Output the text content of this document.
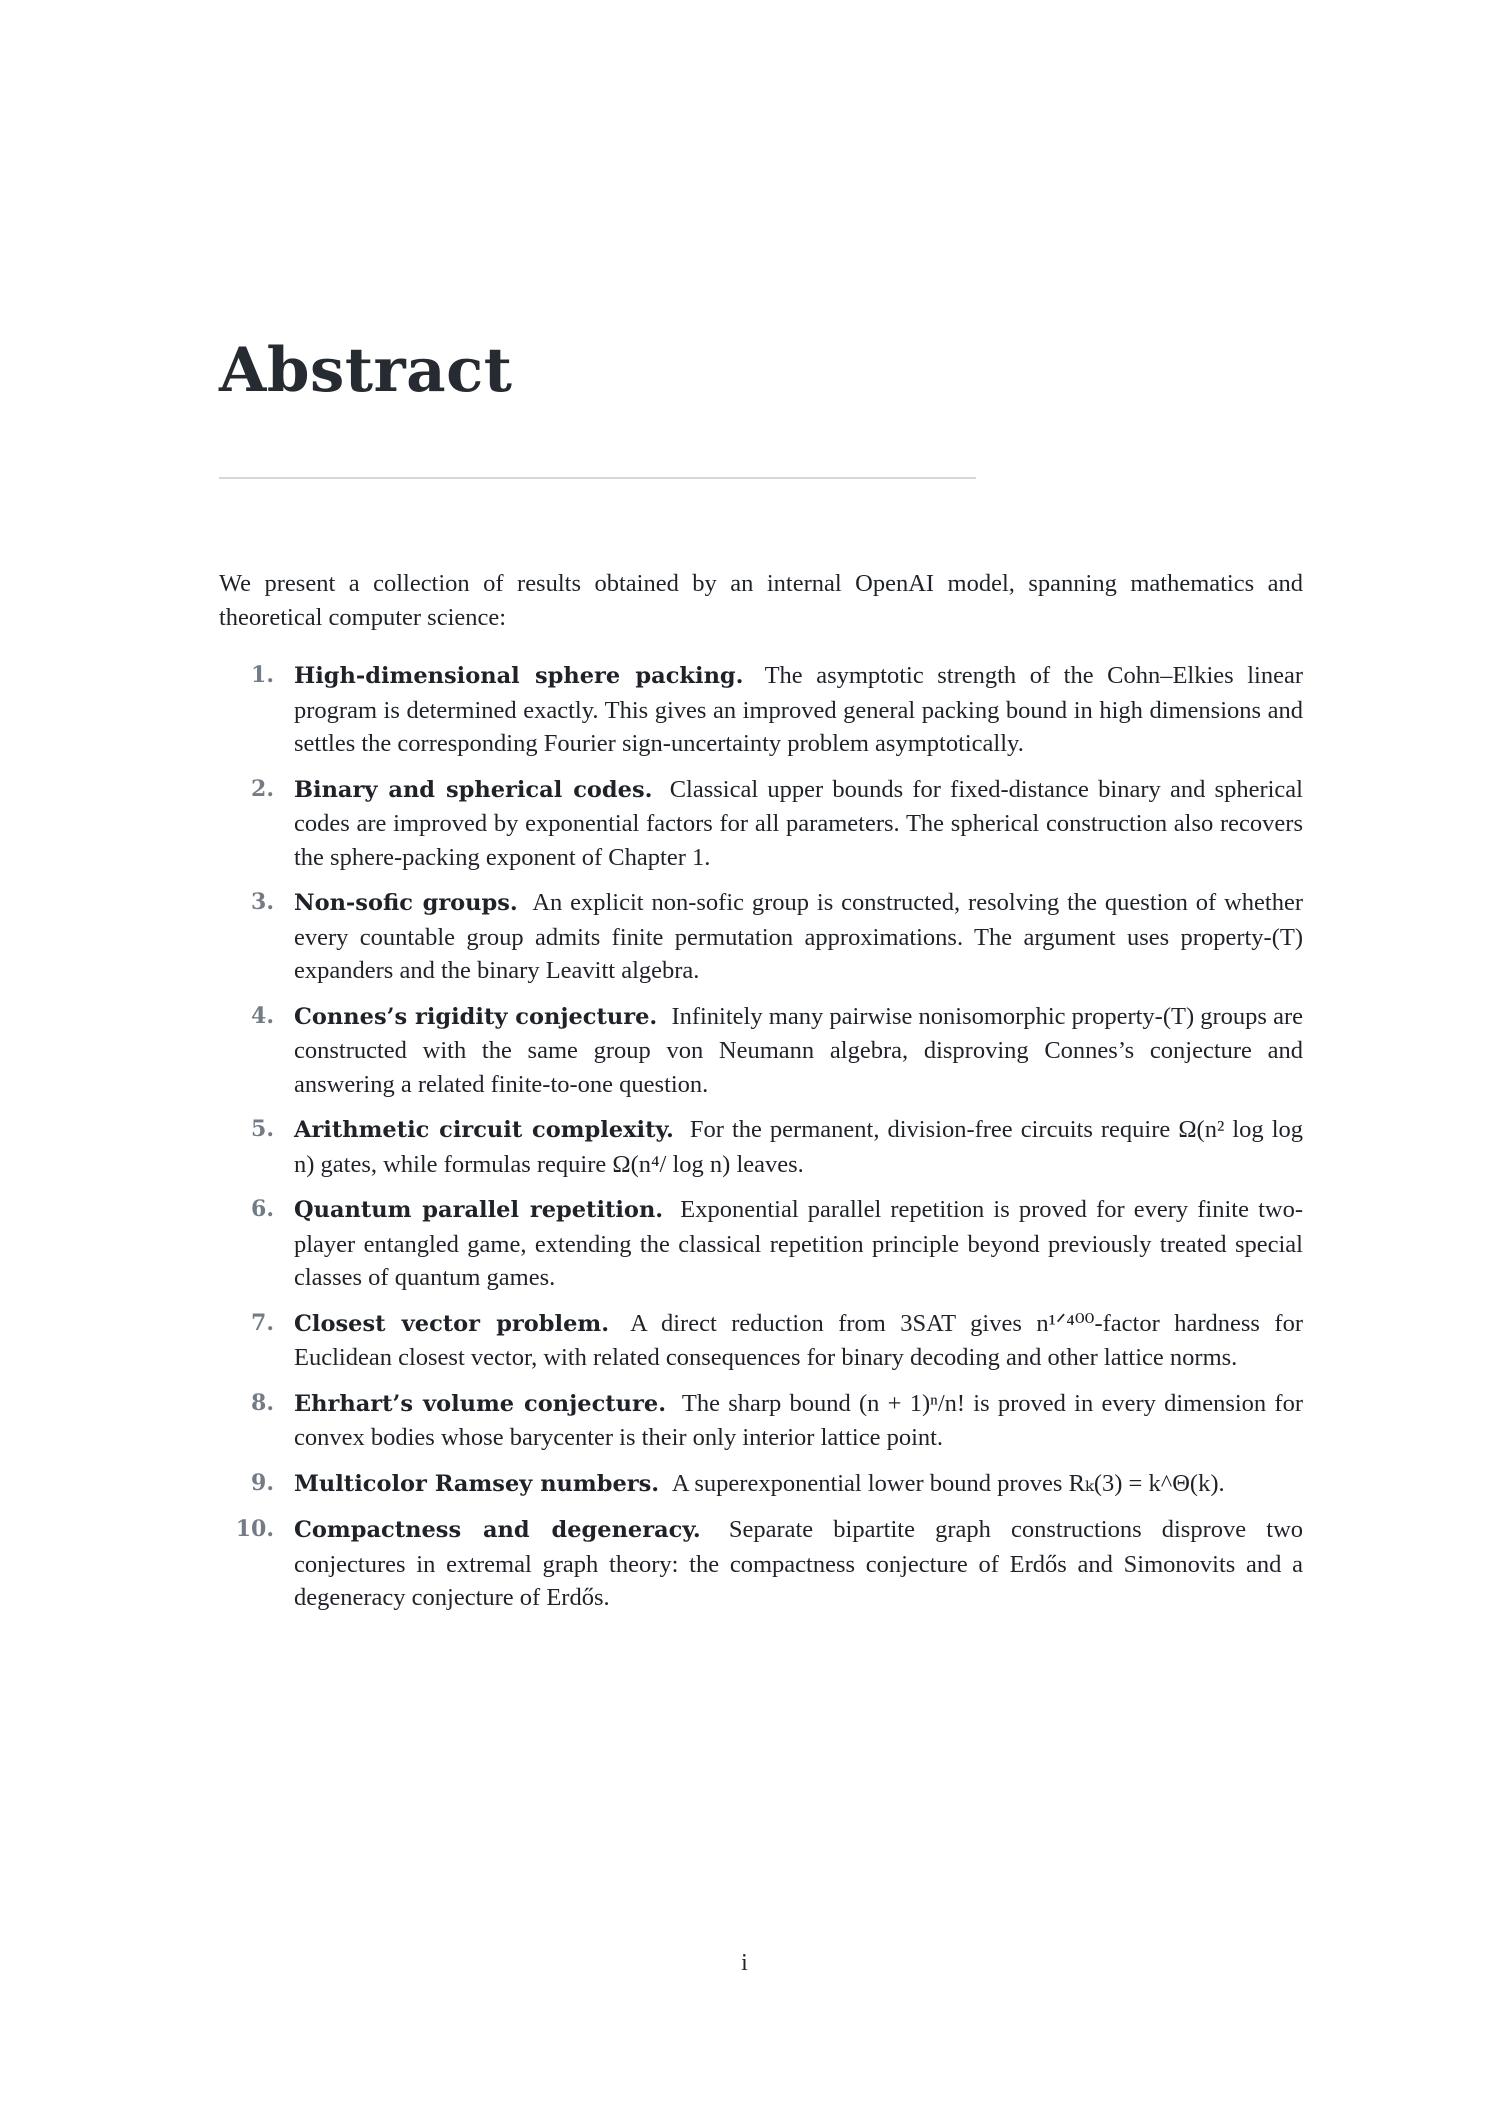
Abstract

We present a collection of results obtained by an internal OpenAI model, spanning mathematics and theoretical computer science:

1. High-dimensional sphere packing. The asymptotic strength of the Cohn–Elkies linear program is determined exactly. This gives an improved general packing bound in high dimensions and settles the corresponding Fourier sign-uncertainty problem asymptotically.
2. Binary and spherical codes. Classical upper bounds for fixed-distance binary and spherical codes are improved by exponential factors for all parameters. The spherical construction also recovers the sphere-packing exponent of Chapter 1.
3. Non-sofic groups. An explicit non-sofic group is constructed, resolving the question of whether every countable group admits finite permutation approximations. The argument uses property-(T) expanders and the binary Leavitt algebra.
4. Connes’s rigidity conjecture. Infinitely many pairwise nonisomorphic property-(T) groups are constructed with the same group von Neumann algebra, disproving Connes’s conjecture and answering a related finite-to-one question.
5. Arithmetic circuit complexity. For the permanent, division-free circuits require Ω(n² log log n) gates, while formulas require Ω(n⁴/ log n) leaves.
6. Quantum parallel repetition. Exponential parallel repetition is proved for every finite two-player entangled game, extending the classical repetition principle beyond previously treated special classes of quantum games.
7. Closest vector problem. A direct reduction from 3SAT gives n¹ᐟ⁴⁰⁰-factor hardness for Euclidean closest vector, with related consequences for binary decoding and other lattice norms.
8. Ehrhart’s volume conjecture. The sharp bound (n + 1)ⁿ/n! is proved in every dimension for convex bodies whose barycenter is their only interior lattice point.
9. Multicolor Ramsey numbers. A superexponential lower bound proves Rₖ(3) = k^Θ(k).
10. Compactness and degeneracy. Separate bipartite graph constructions disprove two conjectures in extremal graph theory: the compactness conjecture of Erdős and Simonovits and a degeneracy conjecture of Erdős.
i
